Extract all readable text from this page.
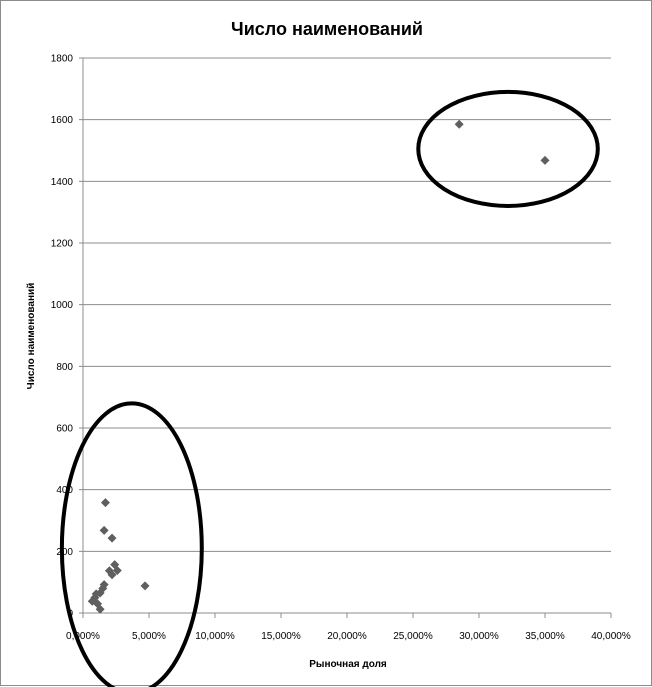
Число наименований
0
200
400
600
800
1000
1200
1400
1600
1800
0,000%	5,000%	10,000%	15,000%	20,000%	25,000%	30,000%	35,000%	40,000%
Рыночная доля
Число наименований
